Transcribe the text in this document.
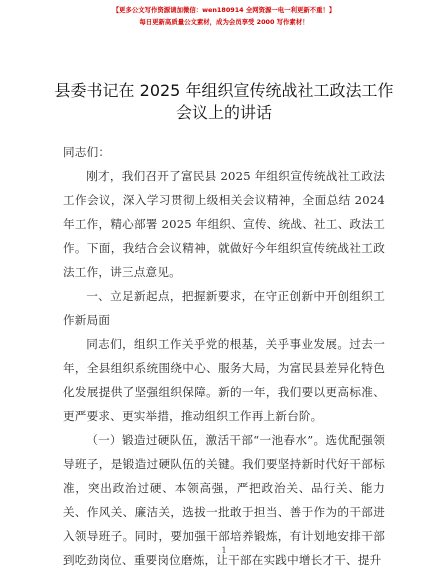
【更多公文写作资源请加微信：wen180914 全网资源一电一利更新不重！】
每日更新高质量公文素材，成为会员享受 2000 写作素材！
县委书记在 2025 年组织宣传统战社工政法工作
会议上的讲话

同志们：

刚才，我们召开了富民县 2025 年组织宣传统战社工政法工作会议，深入学习贯彻上级相关会议精神，全面总结 2024 年工作，精心部署 2025 年组织、宣传、统战、社工、政法工作。下面，我结合会议精神，就做好今年组织宣传统战社工政法工作，讲三点意见。

一、立足新起点，把握新要求，在守正创新中开创组织工作新局面

同志们，组织工作关乎党的根基，关乎事业发展。过去一年，全县组织系统围绕中心、服务大局，为富民县差异化特色化发展提供了坚强组织保障。新的一年，我们要以更高标准、更严要求、更实举措，推动组织工作再上新台阶。

（一）锻造过硬队伍，激活干部“一池春水”。选优配强领导班子，是锻造过硬队伍的关键。我们要坚持新时代好干部标准，突出政治过硬、本领高强，严把政治关、品行关、能力关、作风关、廉洁关，选拔一批敢于担当、善于作为的干部进入领导班子。同时，要加强干部培养锻炼，有计划地安排干部到吃劲岗位、重要岗位磨炼，让干部在实践中增长才干、提升

1
